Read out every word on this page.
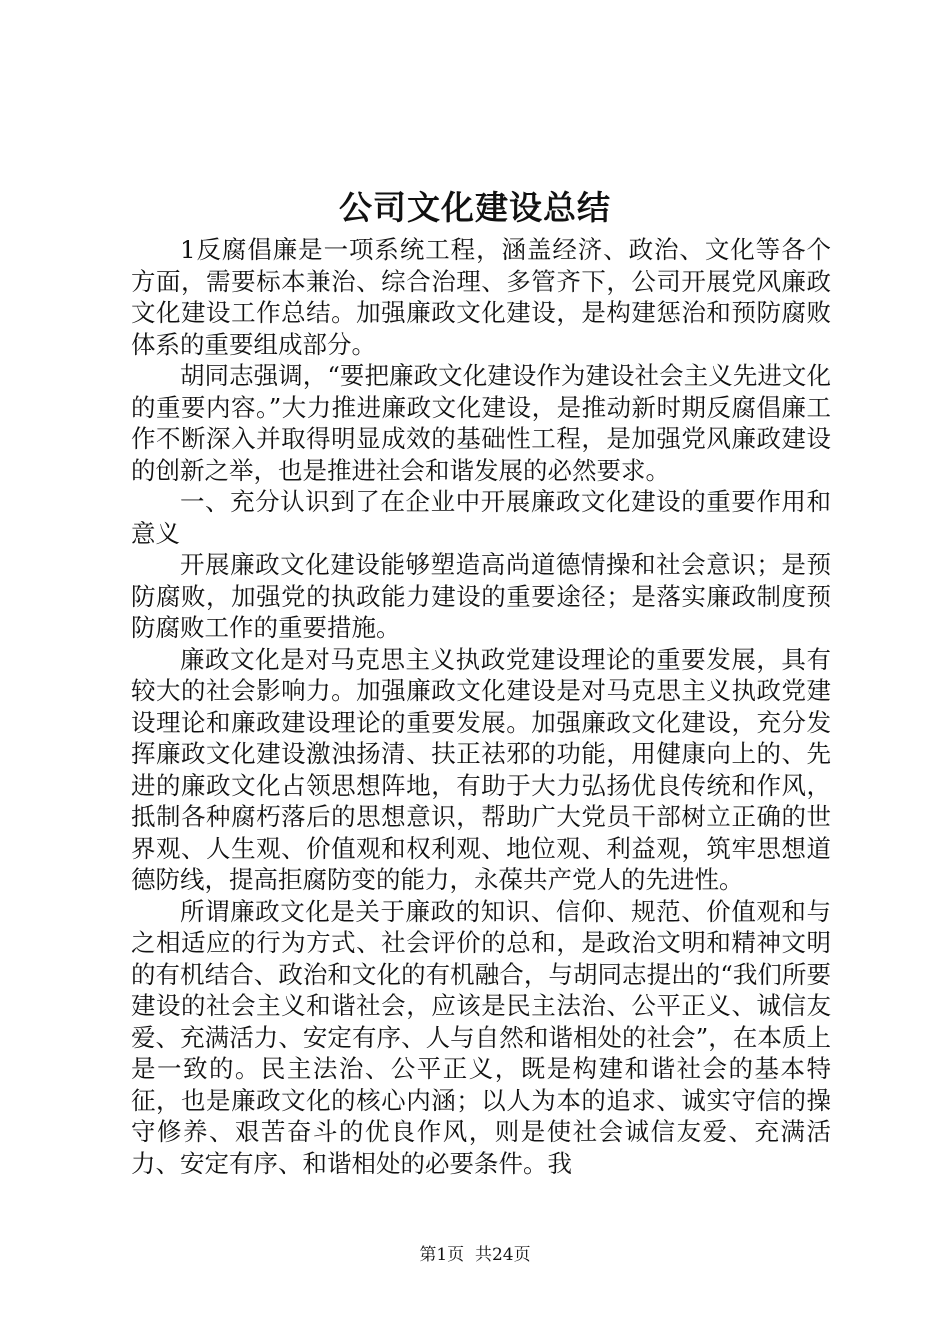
公司文化建设总结

1反腐倡廉是一项系统工程，涵盖经济、政治、文化等各个方面，需要标本兼治、综合治理、多管齐下，公司开展党风廉政文化建设工作总结。加强廉政文化建设，是构建惩治和预防腐败体系的重要组成部分。

胡同志强调，“要把廉政文化建设作为建设社会主义先进文化的重要内容。”大力推进廉政文化建设，是推动新时期反腐倡廉工作不断深入并取得明显成效的基础性工程，是加强党风廉政建设的创新之举，也是推进社会和谐发展的必然要求。

一、充分认识到了在企业中开展廉政文化建设的重要作用和意义

开展廉政文化建设能够塑造高尚道德情操和社会意识；是预防腐败，加强党的执政能力建设的重要途径；是落实廉政制度预防腐败工作的重要措施。

廉政文化是对马克思主义执政党建设理论的重要发展，具有较大的社会影响力。加强廉政文化建设是对马克思主义执政党建设理论和廉政建设理论的重要发展。加强廉政文化建设，充分发挥廉政文化建设激浊扬清、扶正祛邪的功能，用健康向上的、先进的廉政文化占领思想阵地，有助于大力弘扬优良传统和作风，抵制各种腐朽落后的思想意识，帮助广大党员干部树立正确的世界观、人生观、价值观和权利观、地位观、利益观，筑牢思想道德防线，提高拒腐防变的能力，永葆共产党人的先进性。

所谓廉政文化是关于廉政的知识、信仰、规范、价值观和与之相适应的行为方式、社会评价的总和，是政治文明和精神文明的有机结合、政治和文化的有机融合，与胡同志提出的“我们所要建设的社会主义和谐社会，应该是民主法治、公平正义、诚信友爱、充满活力、安定有序、人与自然和谐相处的社会”，在本质上是一致的。民主法治、公平正义，既是构建和谐社会的基本特征，也是廉政文化的核心内涵；以人为本的追求、诚实守信的操守修养、艰苦奋斗的优良作风，则是使社会诚信友爱、充满活力、安定有序、和谐相处的必要条件。我

第1页  共24页
